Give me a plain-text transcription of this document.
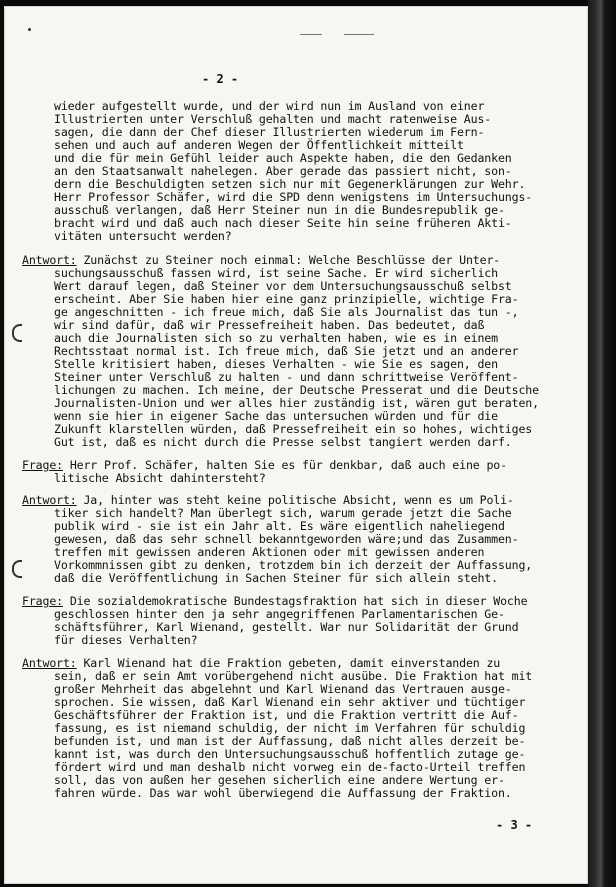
- 2 -
wieder aufgestellt wurde, und der wird nun im Ausland von einer
Illustrierten unter Verschluß gehalten und macht ratenweise Aus-
sagen, die dann der Chef dieser Illustrierten wiederum im Fern-
sehen und auch auf anderen Wegen der Öffentlichkeit mitteilt
und die für mein Gefühl leider auch Aspekte haben, die den Gedanken
an den Staatsanwalt nahelegen. Aber gerade das passiert nicht, son-
dern die Beschuldigten setzen sich nur mit Gegenerklärungen zur Wehr.
Herr Professor Schäfer, wird die SPD denn wenigstens im Untersuchungs-
ausschuß verlangen, daß Herr Steiner nun in die Bundesrepublik ge-
bracht wird und daß auch nach dieser Seite hin seine früheren Akti-
vitäten untersucht werden?
Antwort: Zunächst zu Steiner noch einmal: Welche Beschlüsse der Unter-
suchungsausschuß fassen wird, ist seine Sache. Er wird sicherlich
Wert darauf legen, daß Steiner vor dem Untersuchungsausschuß selbst
erscheint. Aber Sie haben hier eine ganz prinzipielle, wichtige Fra-
ge angeschnitten - ich freue mich, daß Sie als Journalist das tun -,
wir sind dafür, daß wir Pressefreiheit haben. Das bedeutet, daß
auch die Journalisten sich so zu verhalten haben, wie es in einem
Rechtsstaat normal ist. Ich freue mich, daß Sie jetzt und an anderer
Stelle kritisiert haben, dieses Verhalten - wie Sie es sagen, den
Steiner unter Verschluß zu halten - und dann schrittweise Veröffent-
lichungen zu machen. Ich meine, der Deutsche Presserat und die Deutsche
Journalisten-Union und wer alles hier zuständig ist, wären gut beraten,
wenn sie hier in eigener Sache das untersuchen würden und für die
Zukunft klarstellen würden, daß Pressefreiheit ein so hohes, wichtiges
Gut ist, daß es nicht durch die Presse selbst tangiert werden darf.
Frage: Herr Prof. Schäfer, halten Sie es für denkbar, daß auch eine po-
litische Absicht dahintersteht?
Antwort: Ja, hinter was steht keine politische Absicht, wenn es um Poli-
tiker sich handelt? Man überlegt sich, warum gerade jetzt die Sache
publik wird - sie ist ein Jahr alt. Es wäre eigentlich naheliegend
gewesen, daß das sehr schnell bekanntgeworden wäre;und das Zusammen-
treffen mit gewissen anderen Aktionen oder mit gewissen anderen
Vorkommnissen gibt zu denken, trotzdem bin ich derzeit der Auffassung,
daß die Veröffentlichung in Sachen Steiner für sich allein steht.
Frage: Die sozialdemokratische Bundestagsfraktion hat sich in dieser Woche
geschlossen hinter den ja sehr angegriffenen Parlamentarischen Ge-
schäftsführer, Karl Wienand, gestellt. War nur Solidarität der Grund
für dieses Verhalten?
Antwort: Karl Wienand hat die Fraktion gebeten, damit einverstanden zu
sein, daß er sein Amt vorübergehend nicht ausübe. Die Fraktion hat mit
großer Mehrheit das abgelehnt und Karl Wienand das Vertrauen ausge-
sprochen. Sie wissen, daß Karl Wienand ein sehr aktiver und tüchtiger
Geschäftsführer der Fraktion ist, und die Fraktion vertritt die Auf-
fassung, es ist niemand schuldig, der nicht im Verfahren für schuldig
befunden ist, und man ist der Auffassung, daß nicht alles derzeit be-
kannt ist, was durch den Untersuchungsausschuß hoffentlich zutage ge-
fördert wird und man deshalb nicht vorweg ein de-facto-Urteil treffen
soll, das von außen her gesehen sicherlich eine andere Wertung er-
fahren würde. Das war wohl überwiegend die Auffassung der Fraktion.
- 3 -
